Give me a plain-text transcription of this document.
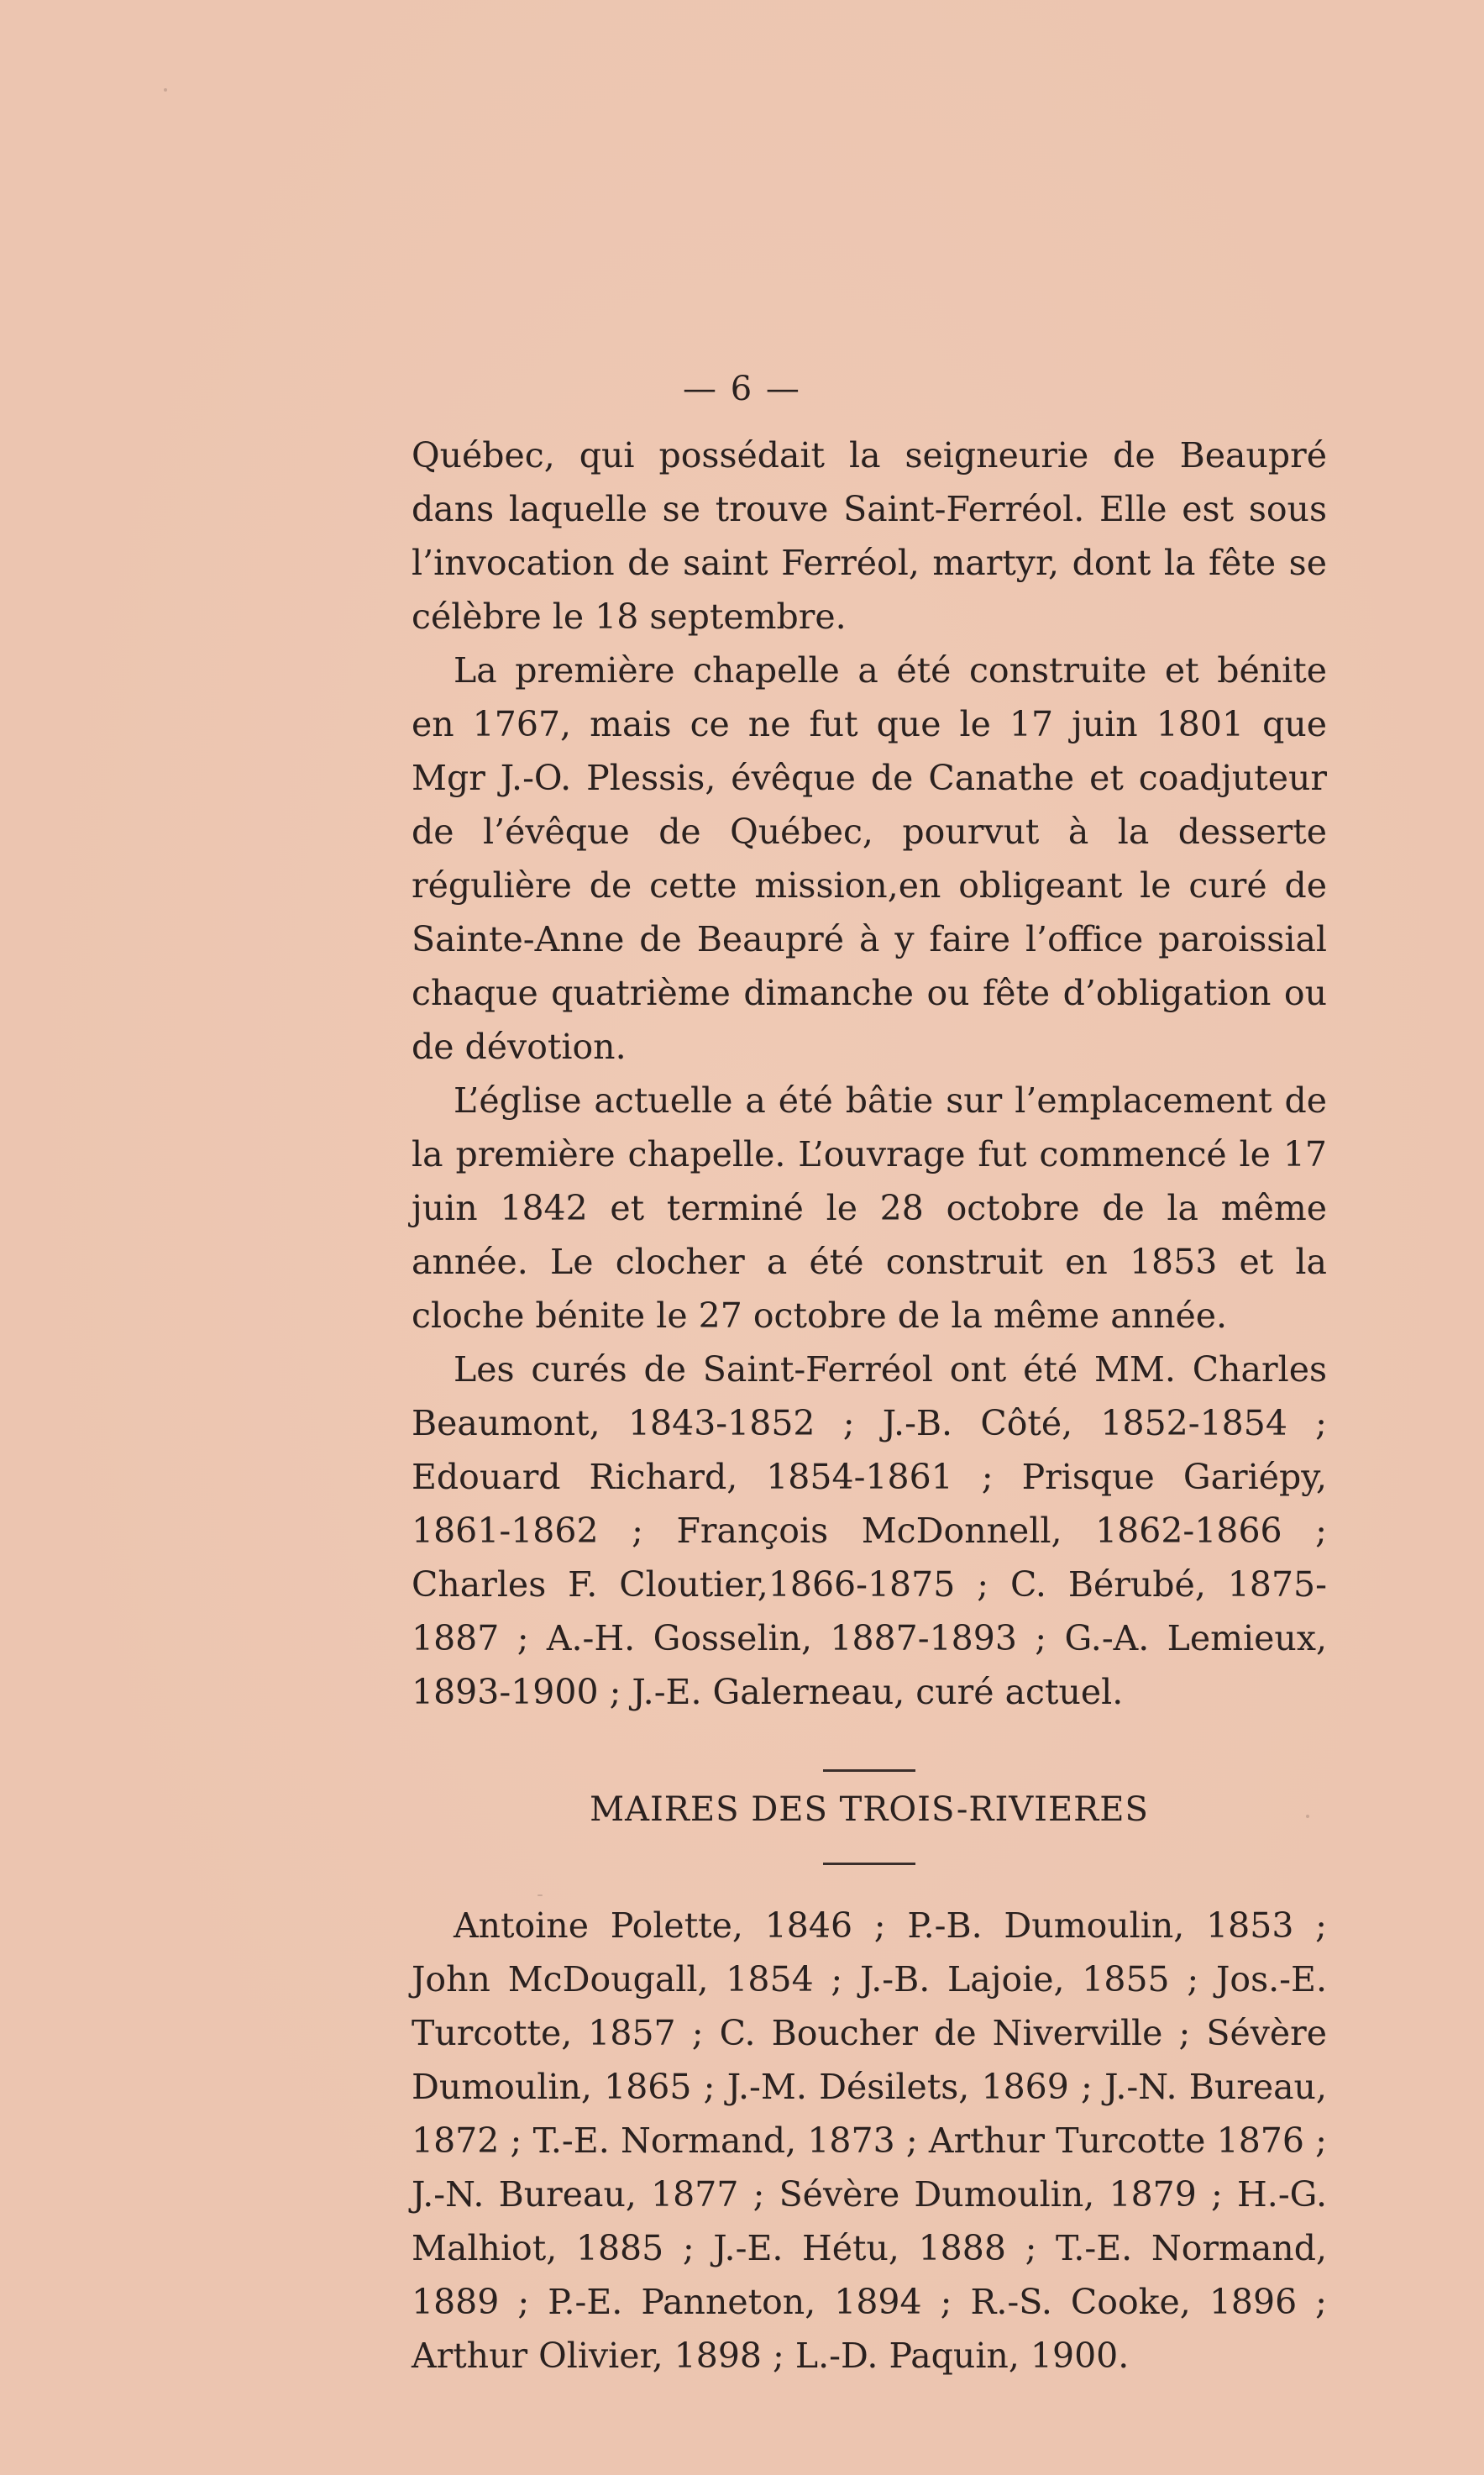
— 6 —

Québec, qui possédait la seigneurie de Beaupré dans laquelle se trouve Saint-Ferréol. Elle est sous l’invocation de saint Ferréol, martyr, dont la fête se célèbre le 18 septembre.

La première chapelle a été construite et bénite en 1767, mais ce ne fut que le 17 juin 1801 que Mgr J.-O. Plessis, évêque de Canathe et coadjuteur de l’évêque de Québec, pourvut à la desserte régulière de cette mission,en obligeant le curé de Sainte-Anne de Beaupré à y faire l’office paroissial chaque quatrième dimanche ou fête d’obligation ou de dévotion.

L’église actuelle a été bâtie sur l’emplacement de la première chapelle. L’ouvrage fut commencé le 17 juin 1842 et terminé le 28 octobre de la même année. Le clocher a été construit en 1853 et la cloche bénite le 27 octobre de la même année.

Les curés de Saint-Ferréol ont été MM. Charles Beaumont, 1843-1852 ; J.-B. Côté, 1852-1854 ; Edouard Richard, 1854-1861 ; Prisque Gariépy, 1861-1862 ; François McDonnell, 1862-1866 ; Charles F. Cloutier,1866-1875 ; C. Bérubé, 1875-1887 ; A.-H. Gosselin, 1887-1893 ; G.-A. Lemieux, 1893-1900 ; J.-E. Galerneau, curé actuel.

MAIRES DES TROIS-RIVIERES

Antoine Polette, 1846 ; P.-B. Dumoulin, 1853 ; John McDougall, 1854 ; J.-B. Lajoie, 1855 ; Jos.-E. Turcotte, 1857 ; C. Boucher de Niverville ; Sévère Dumoulin, 1865 ; J.-M. Désilets, 1869 ; J.-N. Bureau, 1872 ; T.-E. Normand, 1873 ; Arthur Turcotte 1876 ; J.-N. Bureau, 1877 ; Sévère Dumoulin, 1879 ; H.-G. Malhiot, 1885 ; J.-E. Hétu, 1888 ; T.-E. Normand, 1889 ; P.-E. Panneton, 1894 ; R.-S. Cooke, 1896 ; Arthur Olivier, 1898 ; L.-D. Paquin, 1900.
